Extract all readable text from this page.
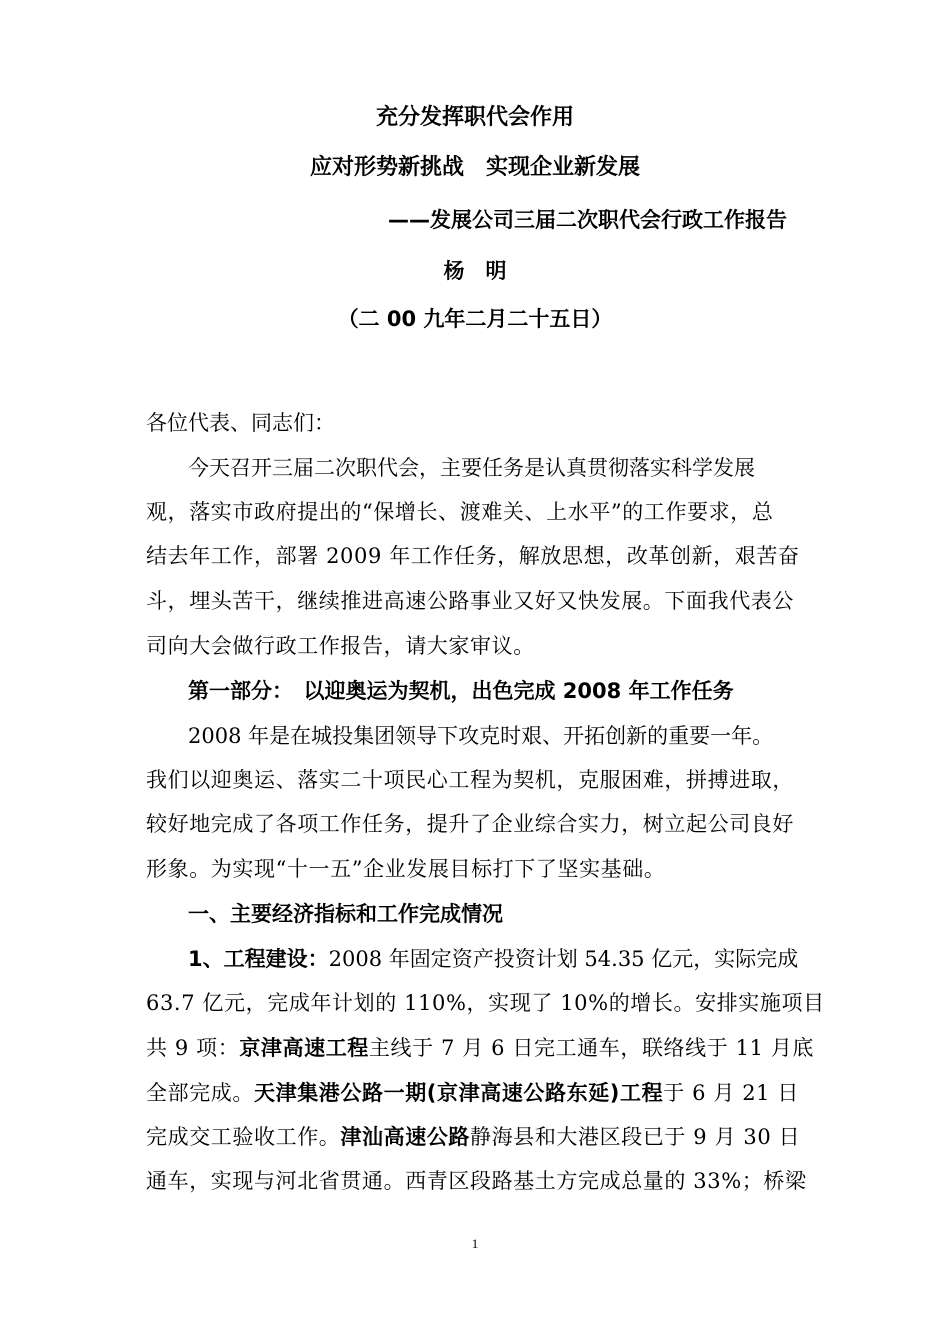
充分发挥职代会作用
应对形势新挑战　实现企业新发展
——发展公司三届二次职代会行政工作报告
杨　明
（二 00 九年二月二十五日）
各位代表、同志们：
今天召开三届二次职代会，主要任务是认真贯彻落实科学发展
观，落实市政府提出的“保增长、渡难关、上水平”的工作要求，总
结去年工作，部署 2009 年工作任务，解放思想，改革创新，艰苦奋
斗，埋头苦干，继续推进高速公路事业又好又快发展。下面我代表公
司向大会做行政工作报告，请大家审议。
第一部分：　以迎奥运为契机，出色完成 2008 年工作任务
2008 年是在城投集团领导下攻克时艰、开拓创新的重要一年。
我们以迎奥运、落实二十项民心工程为契机，克服困难，拼搏进取，
较好地完成了各项工作任务，提升了企业综合实力，树立起公司良好
形象。为实现“十一五”企业发展目标打下了坚实基础。
一、主要经济指标和工作完成情况
1、工程建设：2008 年固定资产投资计划 54.35 亿元，实际完成
63.7 亿元，完成年计划的 110%，实现了 10%的增长。安排实施项目
共 9 项：京津高速工程主线于 7 月 6 日完工通车，联络线于 11 月底
全部完成。天津集港公路一期(京津高速公路东延)工程于 6 月 21 日
完成交工验收工作。津汕高速公路静海县和大港区段已于 9 月 30 日
通车，实现与河北省贯通。西青区段路基土方完成总量的 33%；桥梁
1
